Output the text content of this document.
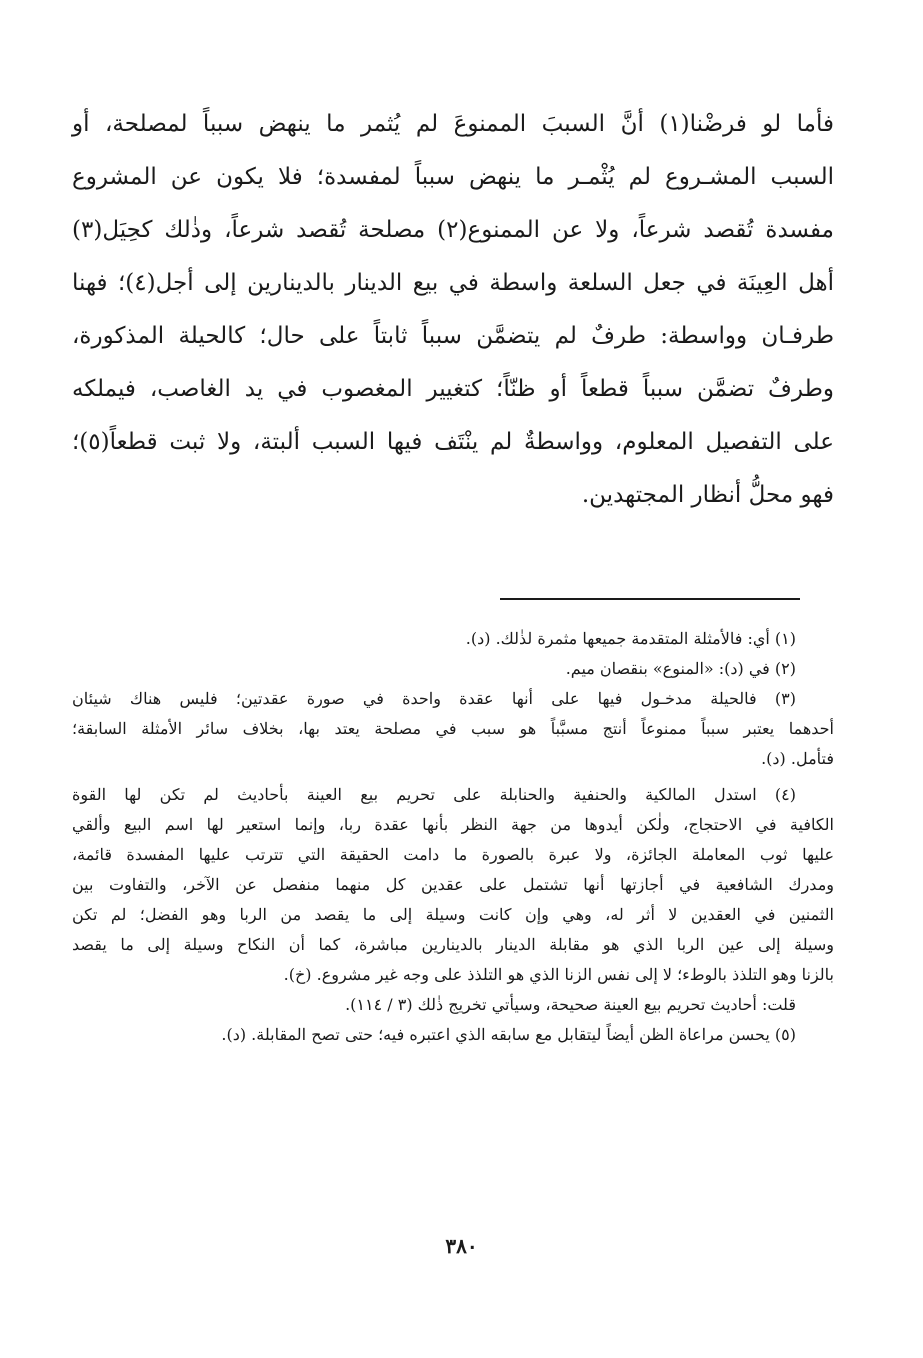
فأما لو فرضْنا(١) أنَّ السببَ الممنوعَ لم يُثمر ما ينهض سبباً لمصلحة، أو
السبب المشـروع لم يُثْمـر ما ينهض سبباً لمفسدة؛ فلا يكون عن المشروع
مفسدة تُقصد شرعاً، ولا عن الممنوع(٢) مصلحة تُقصد شرعاً، وذٰلك كحِيَل(٣)
أهل العِينَة في جعل السلعة واسطة في بيع الدينار بالدينارين إلى أجل(٤)؛ فهنا
طرفـان وواسطة: طرفٌ لم يتضمَّن سبباً ثابتاً على حال؛ كالحيلة المذكورة،
وطرفٌ تضمَّن سبباً قطعاً أو ظنّاً؛ كتغيير المغصوب في يد الغاصب، فيملكه
على التفصيل المعلوم، وواسطةٌ لم ينْتَف فيها السبب ألبتة، ولا ثبت قطعاً(٥)؛
فهو محلُّ أنظار المجتهدين.
(١) أي: فالأمثلة المتقدمة جميعها مثمرة لذٰلك. (د).
(٢) في (د): «المنوع» بنقصان ميم.
(٣) فالحيلة مدخـول فيها على أنها عقدة واحدة في صورة عقدتين؛ فليس هناك شيئان
أحدهما يعتبر سبباً ممنوعاً أنتج مسبَّباً هو سبب في مصلحة يعتد بها، بخلاف سائر الأمثلة السابقة؛
فتأمل. (د).
(٤) استدل المالكية والحنفية والحنابلة على تحريم بيع العينة بأحاديث لم تكن لها القوة
الكافية في الاحتجاج، ولٰكن أيدوها من جهة النظر بأنها عقدة ربا، وإنما استعير لها اسم البيع وألقي
عليها ثوب المعاملة الجائزة، ولا عبرة بالصورة ما دامت الحقيقة التي تترتب عليها المفسدة قائمة،
ومدرك الشافعية في أجازتها أنها تشتمل على عقدين كل منهما منفصل عن الآخر، والتفاوت بين
الثمنين في العقدين لا أثر له، وهي وإن كانت وسيلة إلى ما يقصد من الربا وهو الفضل؛ لم تكن
وسيلة إلى عين الربا الذي هو مقابلة الدينار بالدينارين مباشرة، كما أن النكاح وسيلة إلى ما يقصد
بالزنا وهو التلذذ بالوطء؛ لا إلى نفس الزنا الذي هو التلذذ على وجه غير مشروع. (خ).
قلت: أحاديث تحريم بيع العينة صحيحة، وسيأتي تخريج ذٰلك (٣ / ١١٤).
(٥) يحسن مراعاة الظن أيضاً ليتقابل مع سابقه الذي اعتبره فيه؛ حتى تصح المقابلة. (د).
٣٨٠
